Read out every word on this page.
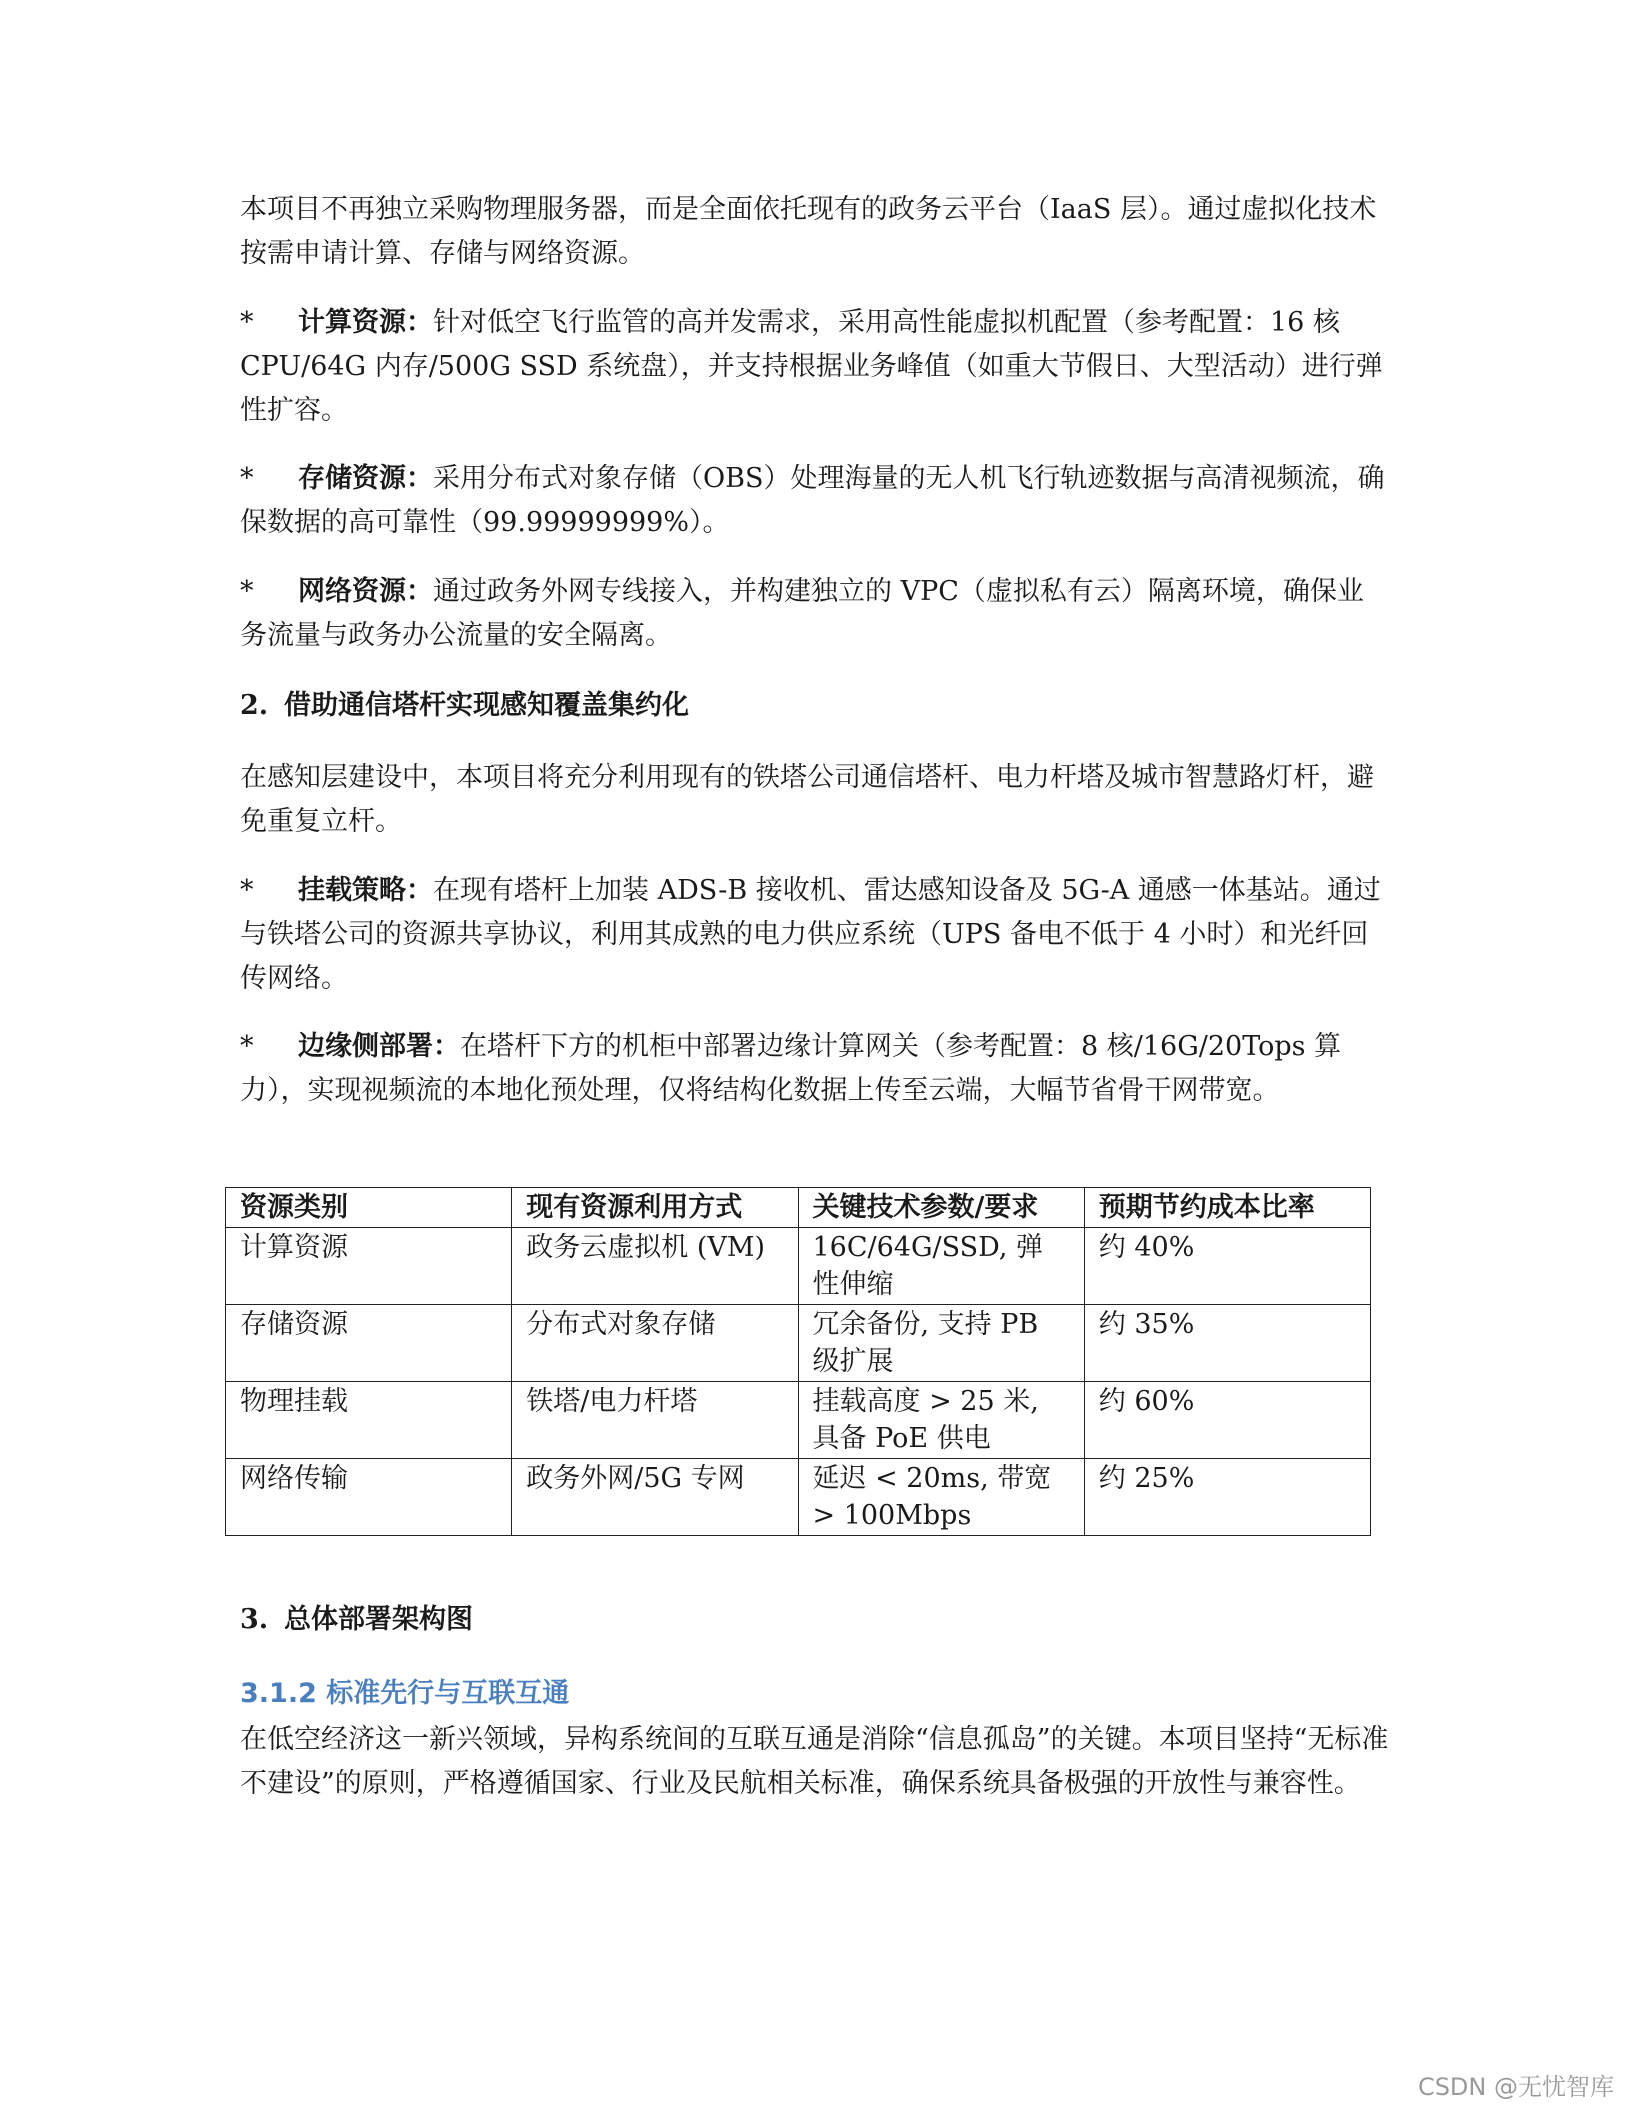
本项目不再独立采购物理服务器，而是全面依托现有的政务云平台（IaaS 层）。通过虚拟化技术按需申请计算、存储与网络资源。

* 计算资源：针对低空飞行监管的高并发需求，采用高性能虚拟机配置（参考配置：16 核 CPU/64G 内存/500G SSD 系统盘），并支持根据业务峰值（如重大节假日、大型活动）进行弹性扩容。

* 存储资源：采用分布式对象存储（OBS）处理海量的无人机飞行轨迹数据与高清视频流，确保数据的高可靠性（99.99999999%）。

* 网络资源：通过政务外网专线接入，并构建独立的 VPC（虚拟私有云）隔离环境，确保业务流量与政务办公流量的安全隔离。

2. 借助通信塔杆实现感知覆盖集约化

在感知层建设中，本项目将充分利用现有的铁塔公司通信塔杆、电力杆塔及城市智慧路灯杆，避免重复立杆。

* 挂载策略：在现有塔杆上加装 ADS-B 接收机、雷达感知设备及 5G-A 通感一体基站。通过与铁塔公司的资源共享协议，利用其成熟的电力供应系统（UPS 备电不低于 4 小时）和光纤回传网络。

* 边缘侧部署：在塔杆下方的机柜中部署边缘计算网关（参考配置：8 核/16G/20Tops 算力），实现视频流的本地化预处理，仅将结构化数据上传至云端，大幅节省骨干网带宽。

资源类别	现有资源利用方式	关键技术参数/要求	预期节约成本比率
计算资源	政务云虚拟机 (VM)	16C/64G/SSD, 弹性伸缩	约 40%
存储资源	分布式对象存储	冗余备份, 支持 PB 级扩展	约 35%
物理挂载	铁塔/电力杆塔	挂载高度 > 25 米, 具备 PoE 供电	约 60%
网络传输	政务外网/5G 专网	延迟 < 20ms, 带宽 > 100Mbps	约 25%

3. 总体部署架构图

3.1.2 标准先行与互联互通

在低空经济这一新兴领域，异构系统间的互联互通是消除“信息孤岛”的关键。本项目坚持“无标准不建设”的原则，严格遵循国家、行业及民航相关标准，确保系统具备极强的开放性与兼容性。

CSDN @无忧智库
